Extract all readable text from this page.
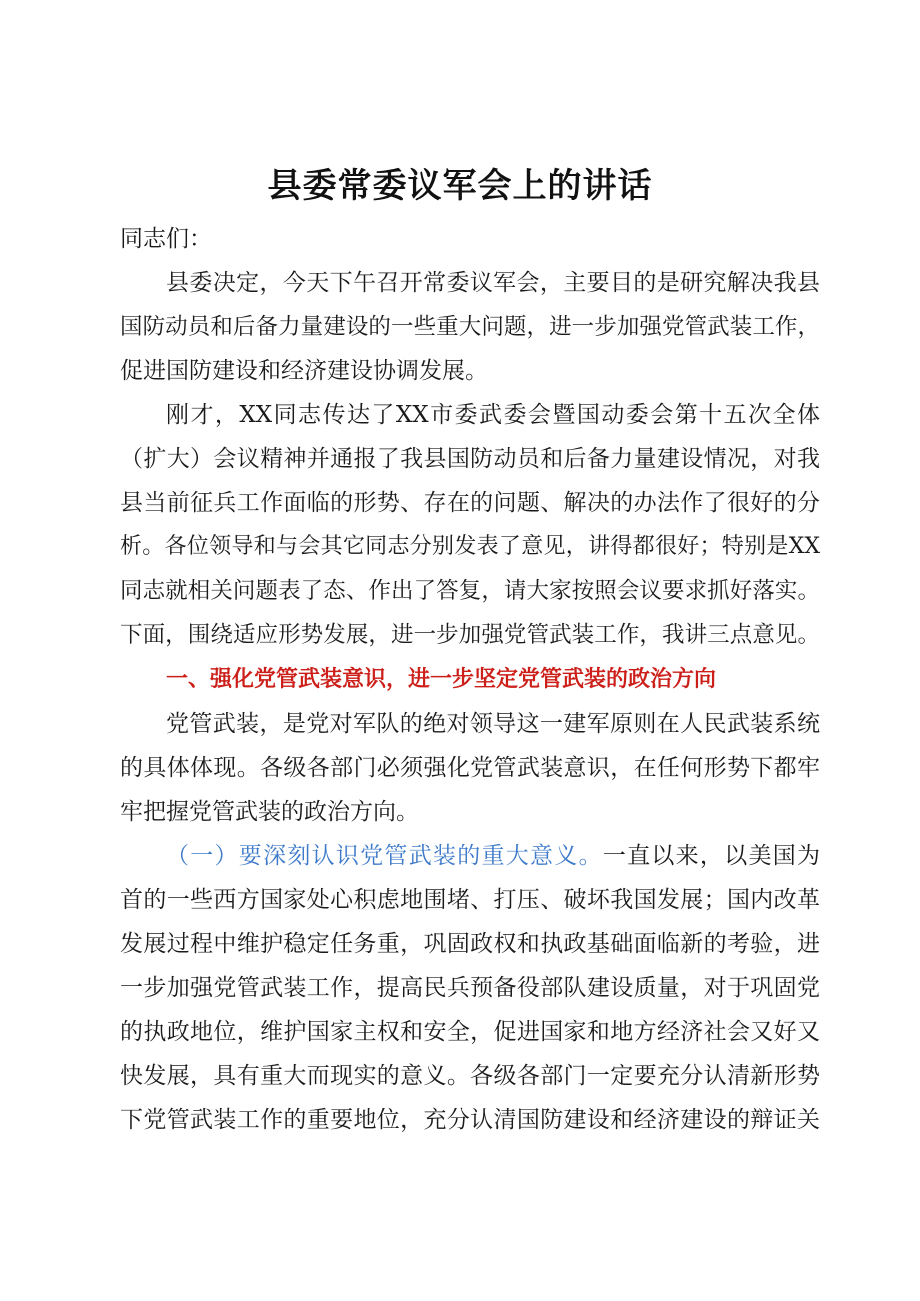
县委常委议军会上的讲话
同志们：
县委决定，今天下午召开常委议军会，主要目的是研究解决我县
国防动员和后备力量建设的一些重大问题，进一步加强党管武装工作，
促进国防建设和经济建设协调发展。
刚才，XX同志传达了XX市委武委会暨国动委会第十五次全体
（扩大）会议精神并通报了我县国防动员和后备力量建设情况，对我
县当前征兵工作面临的形势、存在的问题、解决的办法作了很好的分
析。各位领导和与会其它同志分别发表了意见，讲得都很好；特别是XX
同志就相关问题表了态、作出了答复，请大家按照会议要求抓好落实。
下面，围绕适应形势发展，进一步加强党管武装工作，我讲三点意见。
一、强化党管武装意识，进一步坚定党管武装的政治方向
党管武装，是党对军队的绝对领导这一建军原则在人民武装系统
的具体体现。各级各部门必须强化党管武装意识，在任何形势下都牢
牢把握党管武装的政治方向。
（一）要深刻认识党管武装的重大意义。一直以来，以美国为
首的一些西方国家处心积虑地围堵、打压、破坏我国发展；国内改革
发展过程中维护稳定任务重，巩固政权和执政基础面临新的考验，进
一步加强党管武装工作，提高民兵预备役部队建设质量，对于巩固党
的执政地位，维护国家主权和安全，促进国家和地方经济社会又好又
快发展，具有重大而现实的意义。各级各部门一定要充分认清新形势
下党管武装工作的重要地位，充分认清国防建设和经济建设的辩证关
